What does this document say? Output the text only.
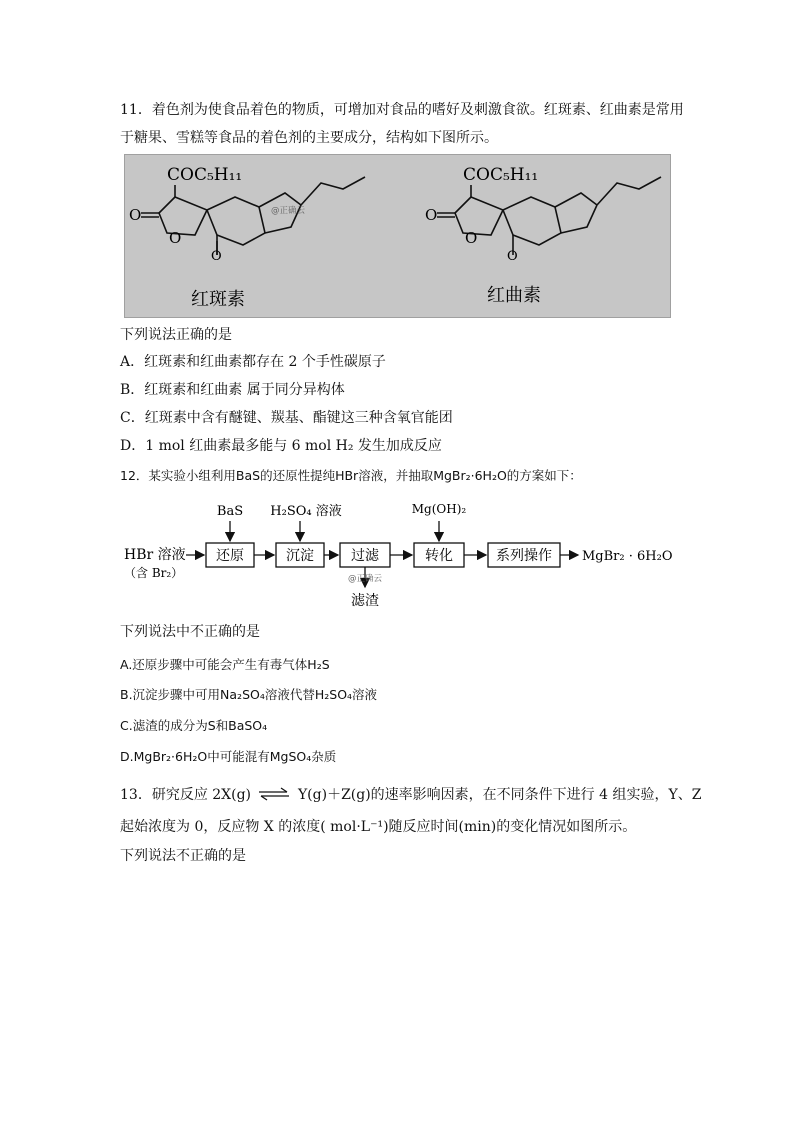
11．着色剂为使食品着色的物质，可增加对食品的嗜好及刺激食欲。红斑素、红曲素是常用
于糖果、雪糕等食品的着色剂的主要成分，结构如下图所示。
COC₅H₁₁
O
O
O
@正确云
红斑素
COC₅H₁₁
O
O
O
红曲素
下列说法正确的是
A．红斑素和红曲素都存在 2 个手性碳原子
B．红斑素和红曲素 属于同分异构体
C．红斑素中含有醚键、羰基、酯键这三种含氧官能团
D．1 mol 红曲素最多能与 6 mol H₂ 发生加成反应
12．某实验小组利用BaS的还原性提纯HBr溶液，并抽取MgBr₂·6H₂O的方案如下：
HBr 溶液
（含 Br₂）
还原
BaS
沉淀
H₂SO₄ 溶液
过滤
@正确云
滤渣
转化
Mg(OH)₂
系列操作 MgBr₂ · 6H₂O
下列说法中不正确的是
A.还原步骤中可能会产生有毒气体H₂S
B.沉淀步骤中可用Na₂SO₄溶液代替H₂SO₄溶液
C.滤渣的成分为S和BaSO₄
D.MgBr₂·6H₂O中可能混有MgSO₄杂质
13．研究反应 2X(g) ⇌ Y(g)＋Z(g)的速率影响因素，在不同条件下进行 4 组实验，Y、Z
起始浓度为 0，反应物 X 的浓度( mol·L⁻¹)随反应时间(min)的变化情况如图所示。
下列说法不正确的是
